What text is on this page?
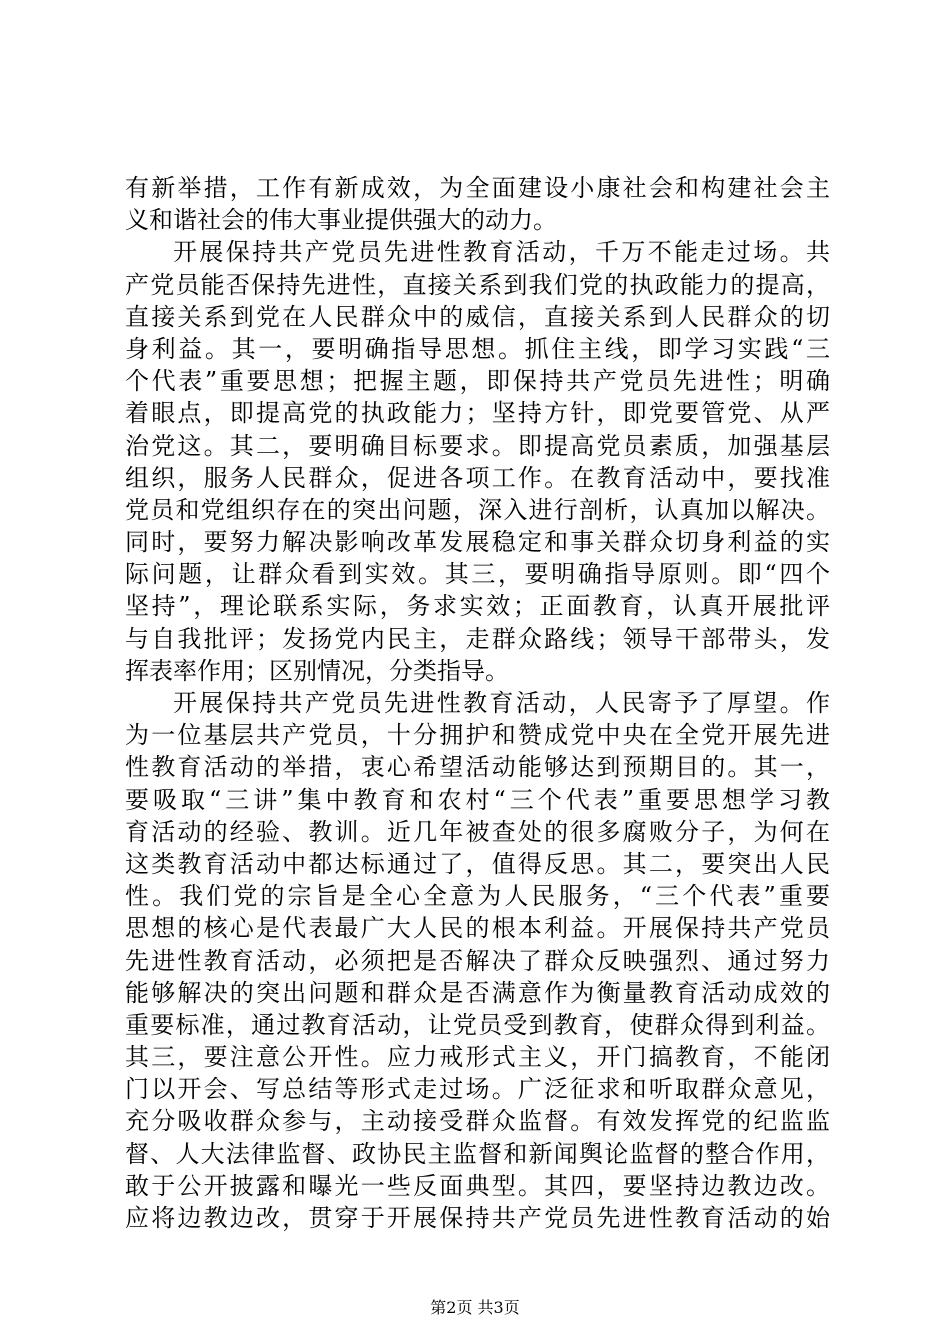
有新举措，工作有新成效，为全面建设小康社会和构建社会主
义和谐社会的伟大事业提供强大的动力。
开展保持共产党员先进性教育活动，千万不能走过场。共
产党员能否保持先进性，直接关系到我们党的执政能力的提高，
直接关系到党在人民群众中的威信，直接关系到人民群众的切
身利益。其一，要明确指导思想。抓住主线，即学习实践“三
个代表”重要思想；把握主题，即保持共产党员先进性；明确
着眼点，即提高党的执政能力；坚持方针，即党要管党、从严
治党这。其二，要明确目标要求。即提高党员素质，加强基层
组织，服务人民群众，促进各项工作。在教育活动中，要找准
党员和党组织存在的突出问题，深入进行剖析，认真加以解决。
同时，要努力解决影响改革发展稳定和事关群众切身利益的实
际问题，让群众看到实效。其三，要明确指导原则。即“四个
坚持”，理论联系实际，务求实效；正面教育，认真开展批评
与自我批评；发扬党内民主，走群众路线；领导干部带头，发
挥表率作用；区别情况，分类指导。
开展保持共产党员先进性教育活动，人民寄予了厚望。作
为一位基层共产党员，十分拥护和赞成党中央在全党开展先进
性教育活动的举措，衷心希望活动能够达到预期目的。其一，
要吸取“三讲”集中教育和农村“三个代表”重要思想学习教
育活动的经验、教训。近几年被查处的很多腐败分子，为何在
这类教育活动中都达标通过了，值得反思。其二，要突出人民
性。我们党的宗旨是全心全意为人民服务，“三个代表”重要
思想的核心是代表最广大人民的根本利益。开展保持共产党员
先进性教育活动，必须把是否解决了群众反映强烈、通过努力
能够解决的突出问题和群众是否满意作为衡量教育活动成效的
重要标准，通过教育活动，让党员受到教育，使群众得到利益。
其三，要注意公开性。应力戒形式主义，开门搞教育，不能闭
门以开会、写总结等形式走过场。广泛征求和听取群众意见，
充分吸收群众参与，主动接受群众监督。有效发挥党的纪监监
督、人大法律监督、政协民主监督和新闻舆论监督的整合作用，
敢于公开披露和曝光一些反面典型。其四，要坚持边教边改。
应将边教边改，贯穿于开展保持共产党员先进性教育活动的始
第2页 共3页
